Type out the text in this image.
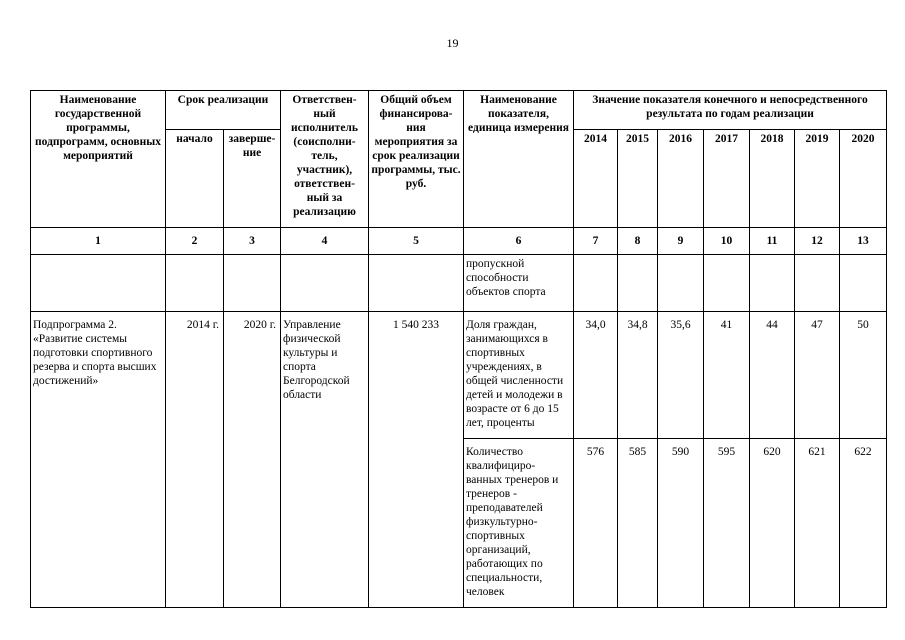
19
Наименование государственной программы, подпрограмм, основных мероприятий	Срок реализации		Ответствен-ный исполнитель (соисполни-тель, участник), ответствен-ный за реализацию	Общий объем финансирова-ния мероприятия за срок реализации программы, тыс. руб.	Наименование показателя, единица измерения	Значение показателя конечного и непосредственного результата по годам реализации						
	начало	заверше-ние				2014	2015	2016	2017	2018	2019	2020
1	2	3	4	5	6	7	8	9	10	11	12	13
					пропускной способности объектов спорта							
Подпрограмма 2. «Развитие системы подготовки спортивного резерва и спорта высших достижений»	2014 г.	2020 г.	Управление физической культуры и спорта Белгородской области	1 540 233	Доля граждан, занимающихся в спортивных учреждениях, в общей численности детей и молодежи в возрасте от 6 до 15 лет, проценты	34,0	34,8	35,6	41	44	47	50
					Количество квалифициро-ванных тренеров и тренеров - преподавателей физкультурно-спортивных организаций, работающих по специальности, человек	576	585	590	595	620	621	622
